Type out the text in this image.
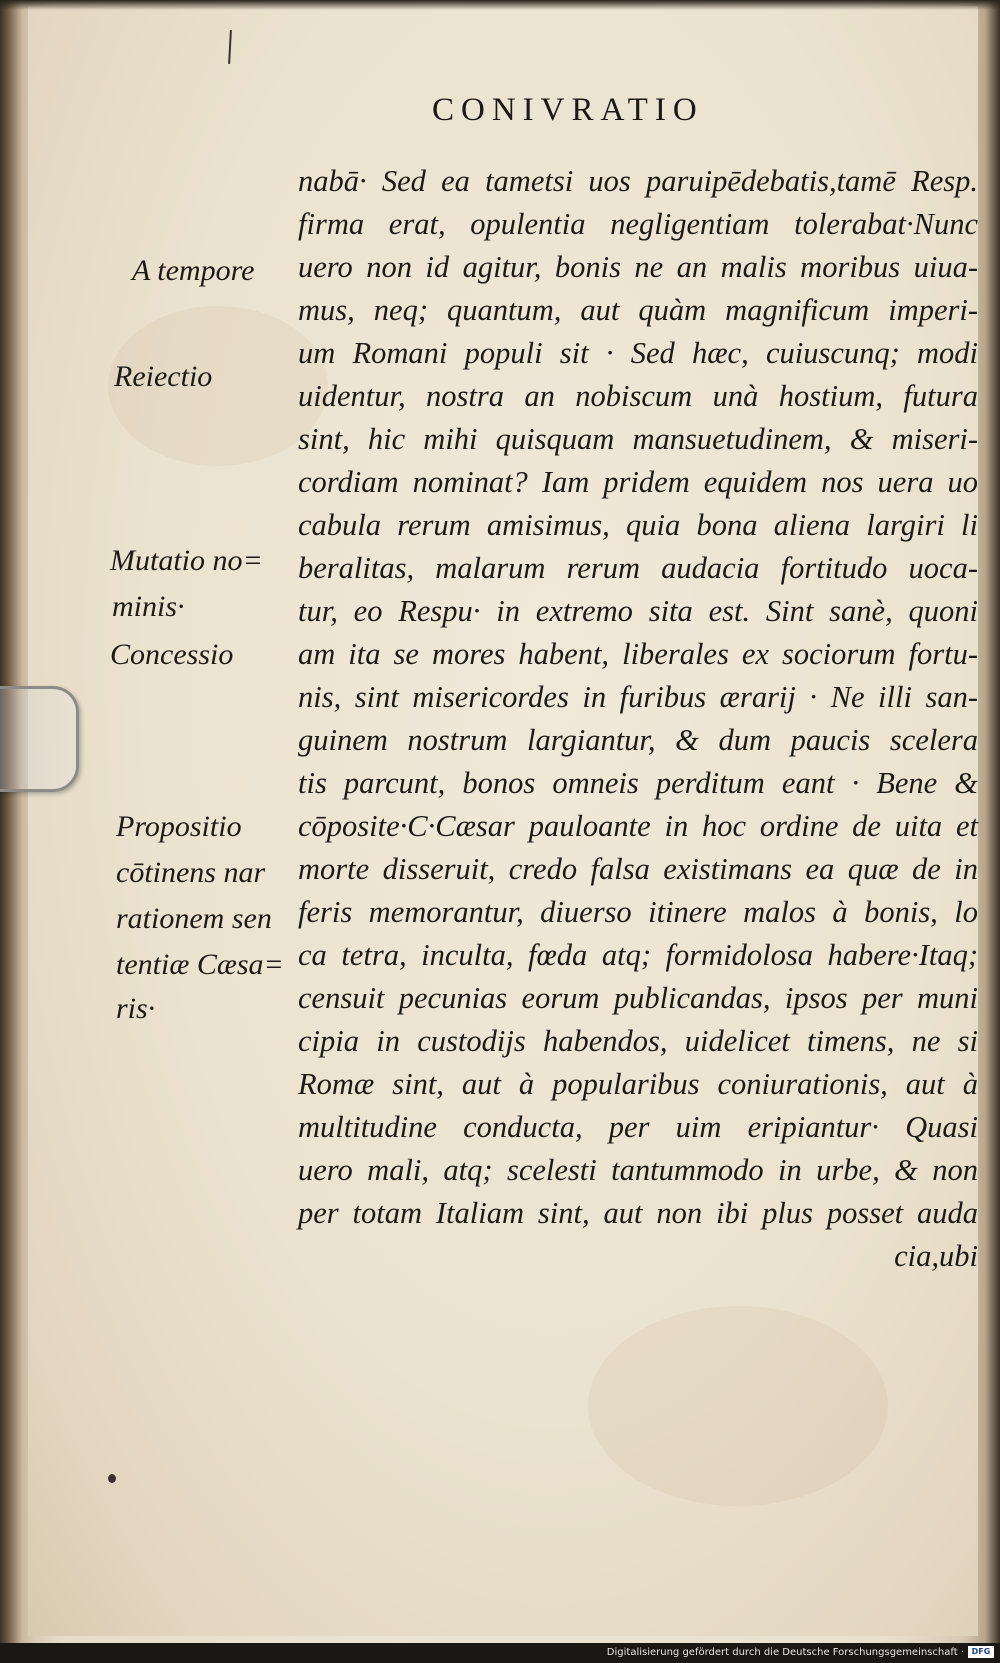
CONIVRATIO
A tempore
Reiectio
Mutatio no=
minis·
Concessio
Propositio
cōtinens nar
rationem sen
tentiæ Cæsa=
ris·
nabā· Sed ea tametsi uos paruipēdebatis,tamē Resp.
firma erat, opulentia negligentiam tolerabat·Nunc
uero non id agitur, bonis ne an malis moribus uiua-
mus, neq; quantum, aut quàm magnificum imperi-
um Romani populi sit · Sed hæc, cuiuscunq; modi
uidentur, nostra an nobiscum unà hostium, futura
sint, hic mihi quisquam mansuetudinem, & miseri-
cordiam nominat? Iam pridem equidem nos uera uo
cabula rerum amisimus, quia bona aliena largiri li
beralitas, malarum rerum audacia fortitudo uoca-
tur, eo Respu· in extremo sita est. Sint sanè, quoni
am ita se mores habent, liberales ex sociorum fortu-
nis, sint misericordes in furibus ærarij · Ne illi san-
guinem nostrum largiantur, & dum paucis scelera
tis parcunt, bonos omneis perditum eant · Bene &
cōposite·C·Cæsar pauloante in hoc ordine de uita et
morte disseruit, credo falsa existimans ea quæ de in
feris memorantur, diuerso itinere malos à bonis, lo
ca tetra, inculta, fœda atq; formidolosa habere·Itaq;
censuit pecunias eorum publicandas, ipsos per muni
cipia in custodijs habendos, uidelicet timens, ne si
Romæ sint, aut à popularibus coniurationis, aut à
multitudine conducta, per uim eripiantur· Quasi
uero mali, atq; scelesti tantummodo in urbe, & non
per totam Italiam sint, aut non ibi plus posset auda
cia,ubi
Digitalisierung gefördert durch die Deutsche Forschungsgemeinschaft · DFG
